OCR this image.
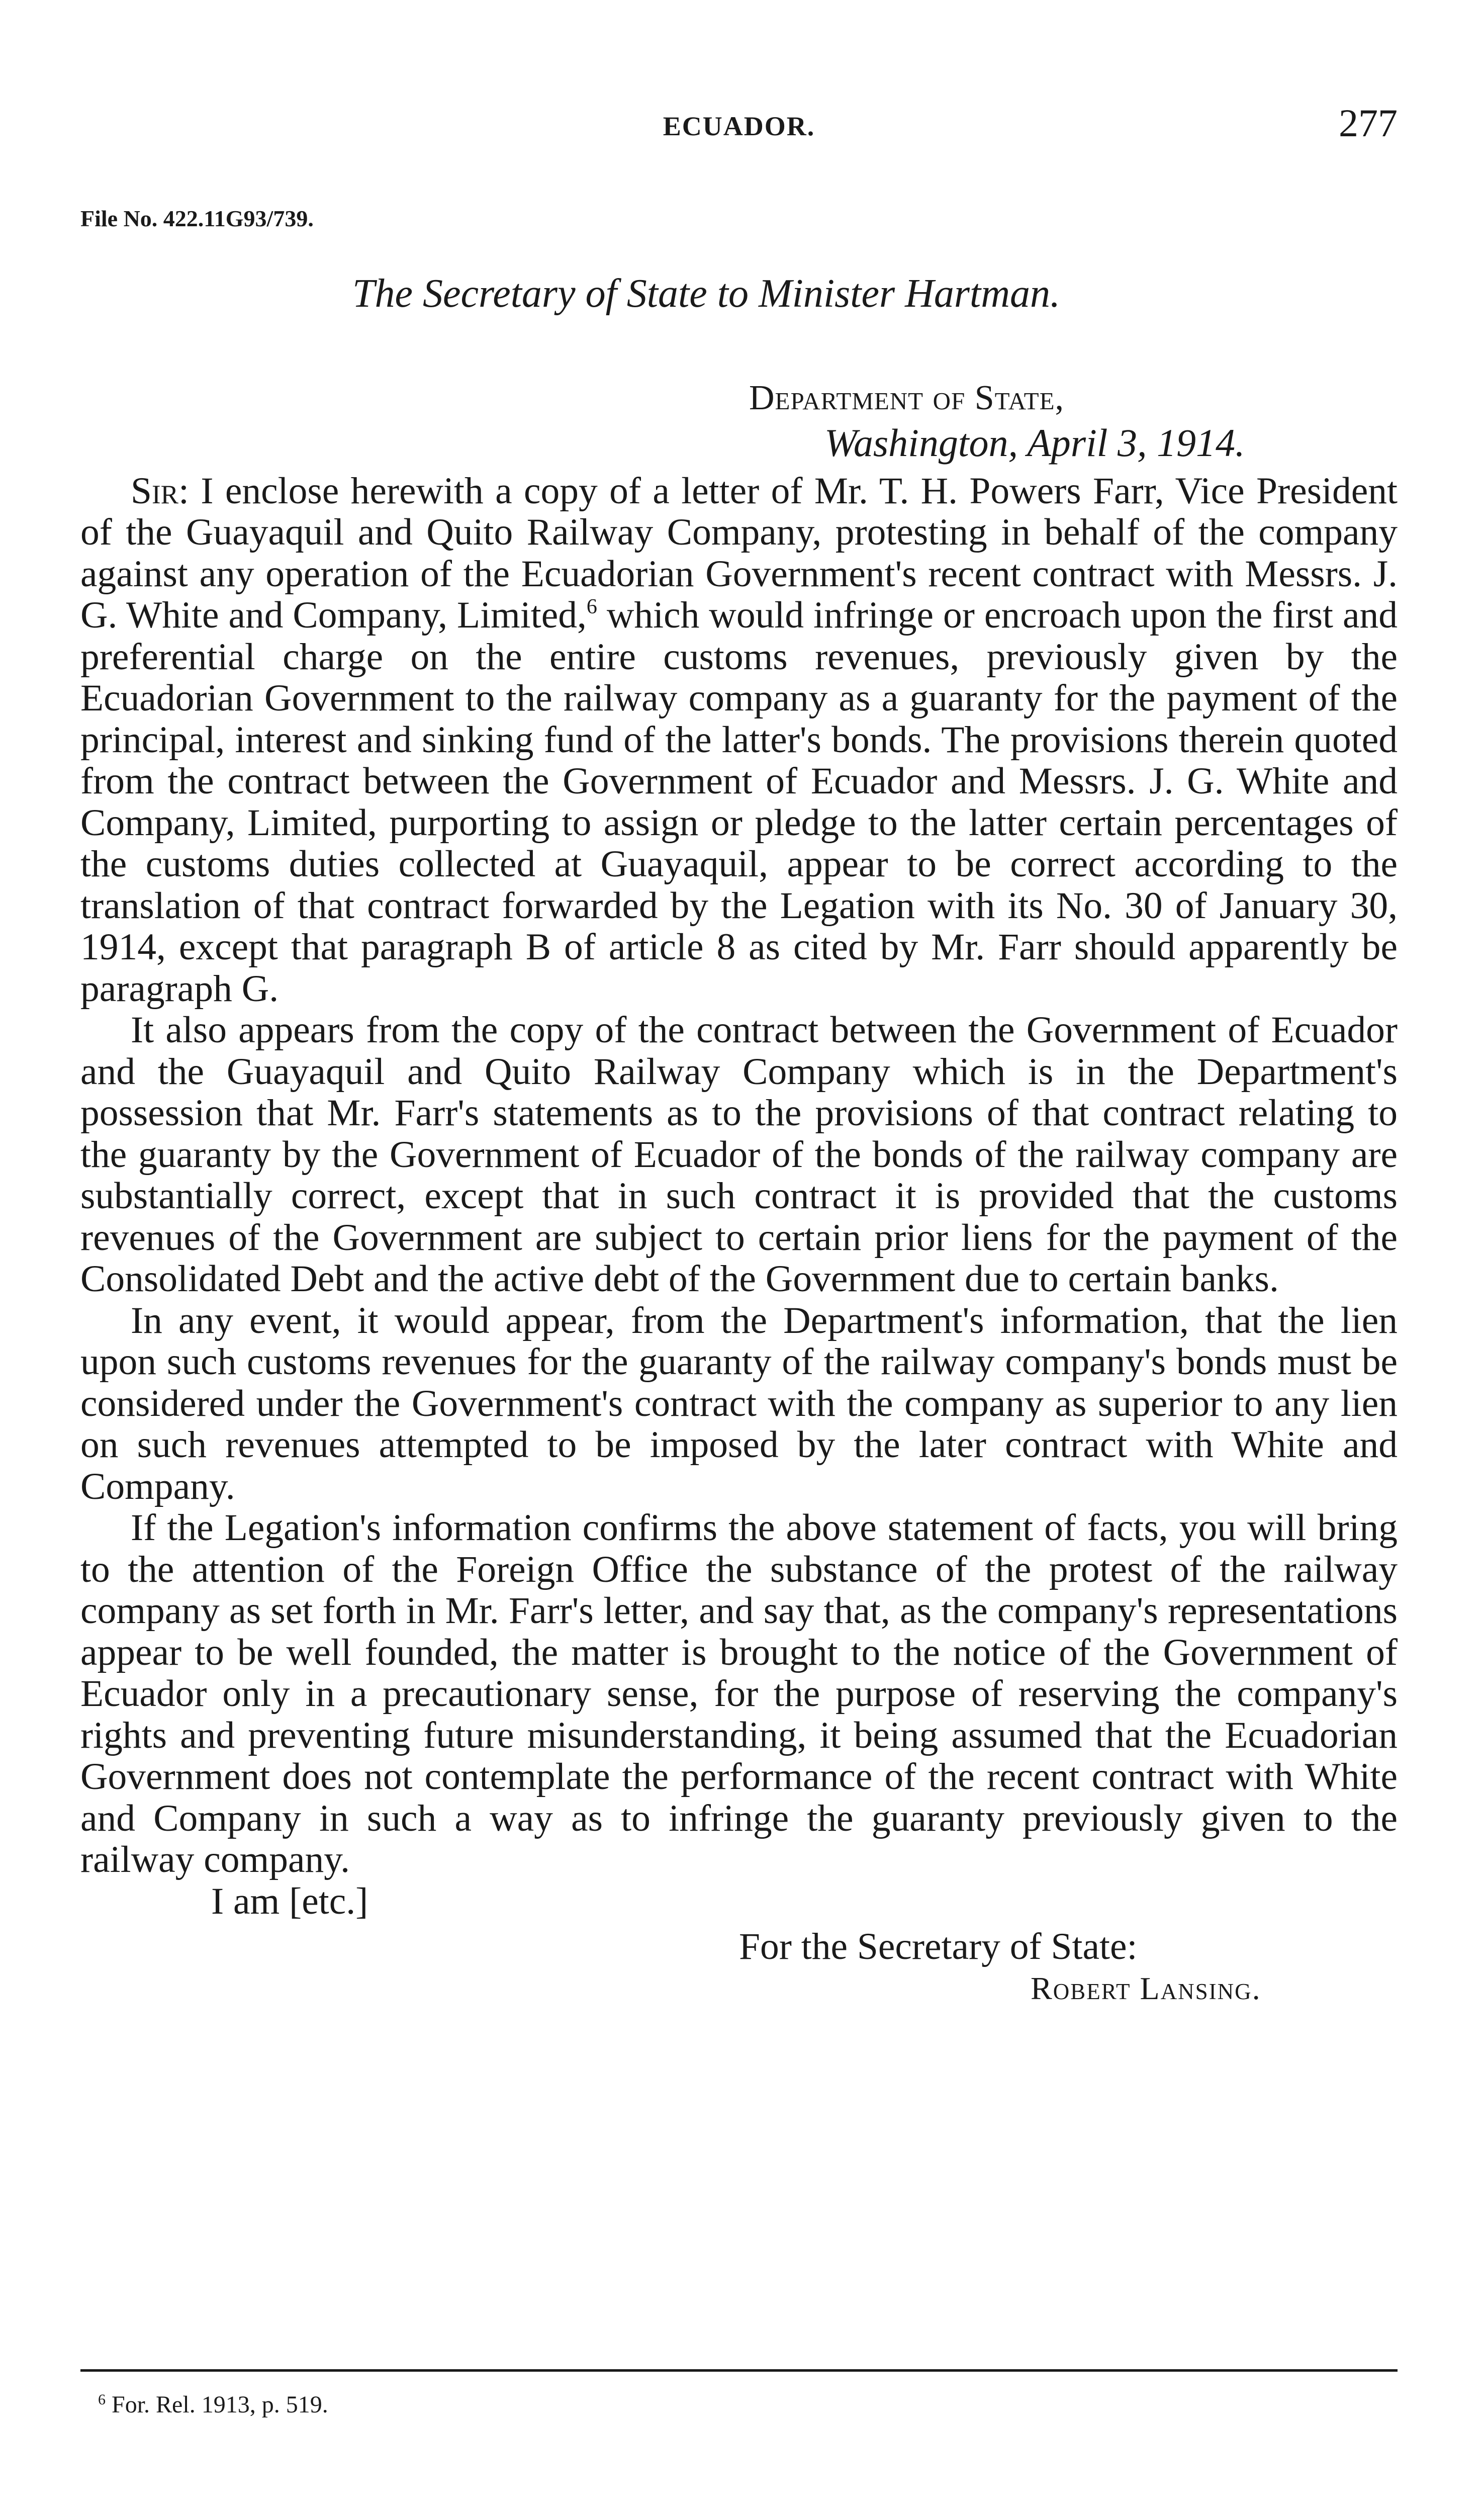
ECUADOR.	277
File No. 422.11G93/739.
The Secretary of State to Minister Hartman.
Department of State,
Washington, April 3, 1914.

Sir: I enclose herewith a copy of a letter of Mr. T. H. Powers Farr, Vice President of the Guayaquil and Quito Railway Company, protesting in behalf of the company against any operation of the Ecuadorian Government's recent contract with Messrs. J. G. White and Company, Limited,$^6$ which would infringe or encroach upon the first and preferential charge on the entire customs revenues, previously given by the Ecuadorian Government to the railway company as a guaranty for the payment of the principal, interest and sinking fund of the latter's bonds. The provisions therein quoted from the contract between the Government of Ecuador and Messrs. J. G. White and Company, Limited, purporting to assign or pledge to the latter certain percentages of the customs duties collected at Guayaquil, appear to be correct according to the translation of that contract forwarded by the Legation with its No. 30 of January 30, 1914, except that paragraph B of article 8 as cited by Mr. Farr should apparently be paragraph G.

It also appears from the copy of the contract between the Government of Ecuador and the Guayaquil and Quito Railway Company which is in the Department's possession that Mr. Farr's statements as to the provisions of that contract relating to the guaranty by the Government of Ecuador of the bonds of the railway company are substantially correct, except that in such contract it is provided that the customs revenues of the Government are subject to certain prior liens for the payment of the Consolidated Debt and the active debt of the Government due to certain banks.

In any event, it would appear, from the Department's information, that the lien upon such customs revenues for the guaranty of the railway company's bonds must be considered under the Government's contract with the company as superior to any lien on such revenues attempted to be imposed by the later contract with White and Company.

If the Legation's information confirms the above statement of facts, you will bring to the attention of the Foreign Office the substance of the protest of the railway company as set forth in Mr. Farr's letter, and say that, as the company's representations appear to be well founded, the matter is brought to the notice of the Government of Ecuador only in a precautionary sense, for the purpose of reserving the company's rights and preventing future misunderstanding, it being assumed that the Ecuadorian Government does not contemplate the performance of the recent contract with White and Company in such a way as to infringe the guaranty previously given to the railway company.

I am [etc.]

For the Secretary of State:
Robert Lansing.
$^6$ For. Rel. 1913, p. 519.
